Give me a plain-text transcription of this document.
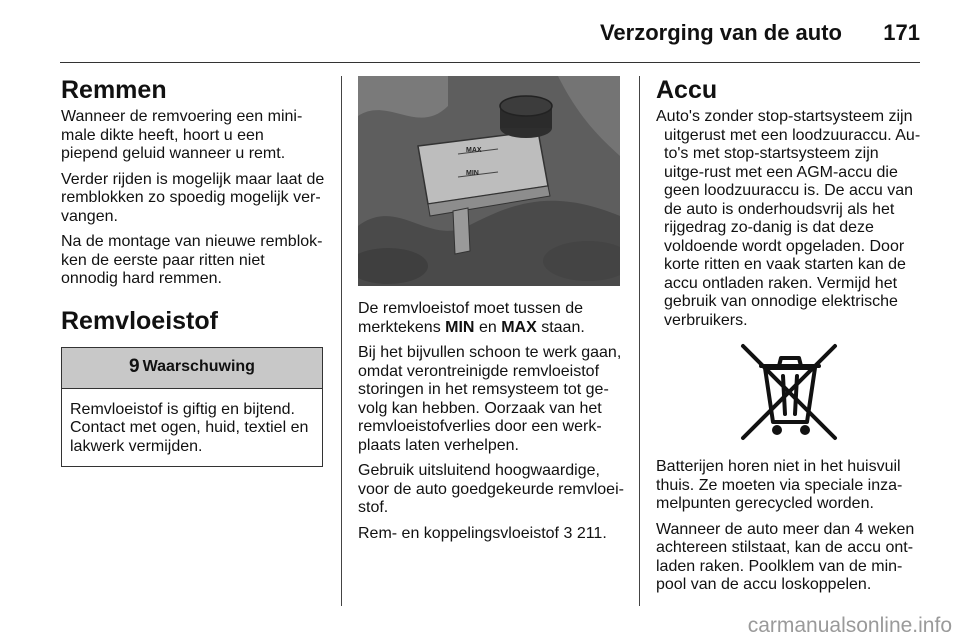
Verzorging van de auto 171
Remmen

Wanneer de remvoering een mini-male dikte heeft, hoort u een piepend geluid wanneer u remt.

Verder rijden is mogelijk maar laat de remblokken zo spoedig mogelijk ver-vangen.

Na de montage van nieuwe remblok-ken de eerste paar ritten niet onnodig hard remmen.

Remvloeistof
9 Waarschuwing
Remvloeistof is giftig en bijtend. Contact met ogen, huid, textiel en lakwerk vermijden.
MAX
MIN

De remvloeistof moet tussen de merktekens MIN en MAX staan.

Bij het bijvullen schoon te werk gaan, omdat verontreinigde remvloeistof storingen in het remsysteem tot ge-volg kan hebben. Oorzaak van het remvloeistofverlies door een werk-plaats laten verhelpen.

Gebruik uitsluitend hoogwaardige, voor de auto goedgekeurde remvloei-stof.

Rem- en koppelingsvloeistof 3 211.

Accu

Auto's zonder stop-startsysteem zijn uitgerust met een loodzuuraccu. Au-to's met stop-startsysteem zijn uitge-rust met een AGM-accu die geen loodzuuraccu is. De accu van de auto is onderhoudsvrij als het rijgedrag zo-danig is dat deze voldoende wordt opgeladen. Door korte ritten en vaak starten kan de accu ontladen raken. Vermijd het gebruik van onnodige elektrische verbruikers.

Batterijen horen niet in het huisvuil thuis. Ze moeten via speciale inza-melpunten gerecycled worden.

Wanneer de auto meer dan 4 weken achtereen stilstaat, kan de accu ont-laden raken. Poolklem van de min-pool van de accu loskoppelen.

carmanualsonline.info
